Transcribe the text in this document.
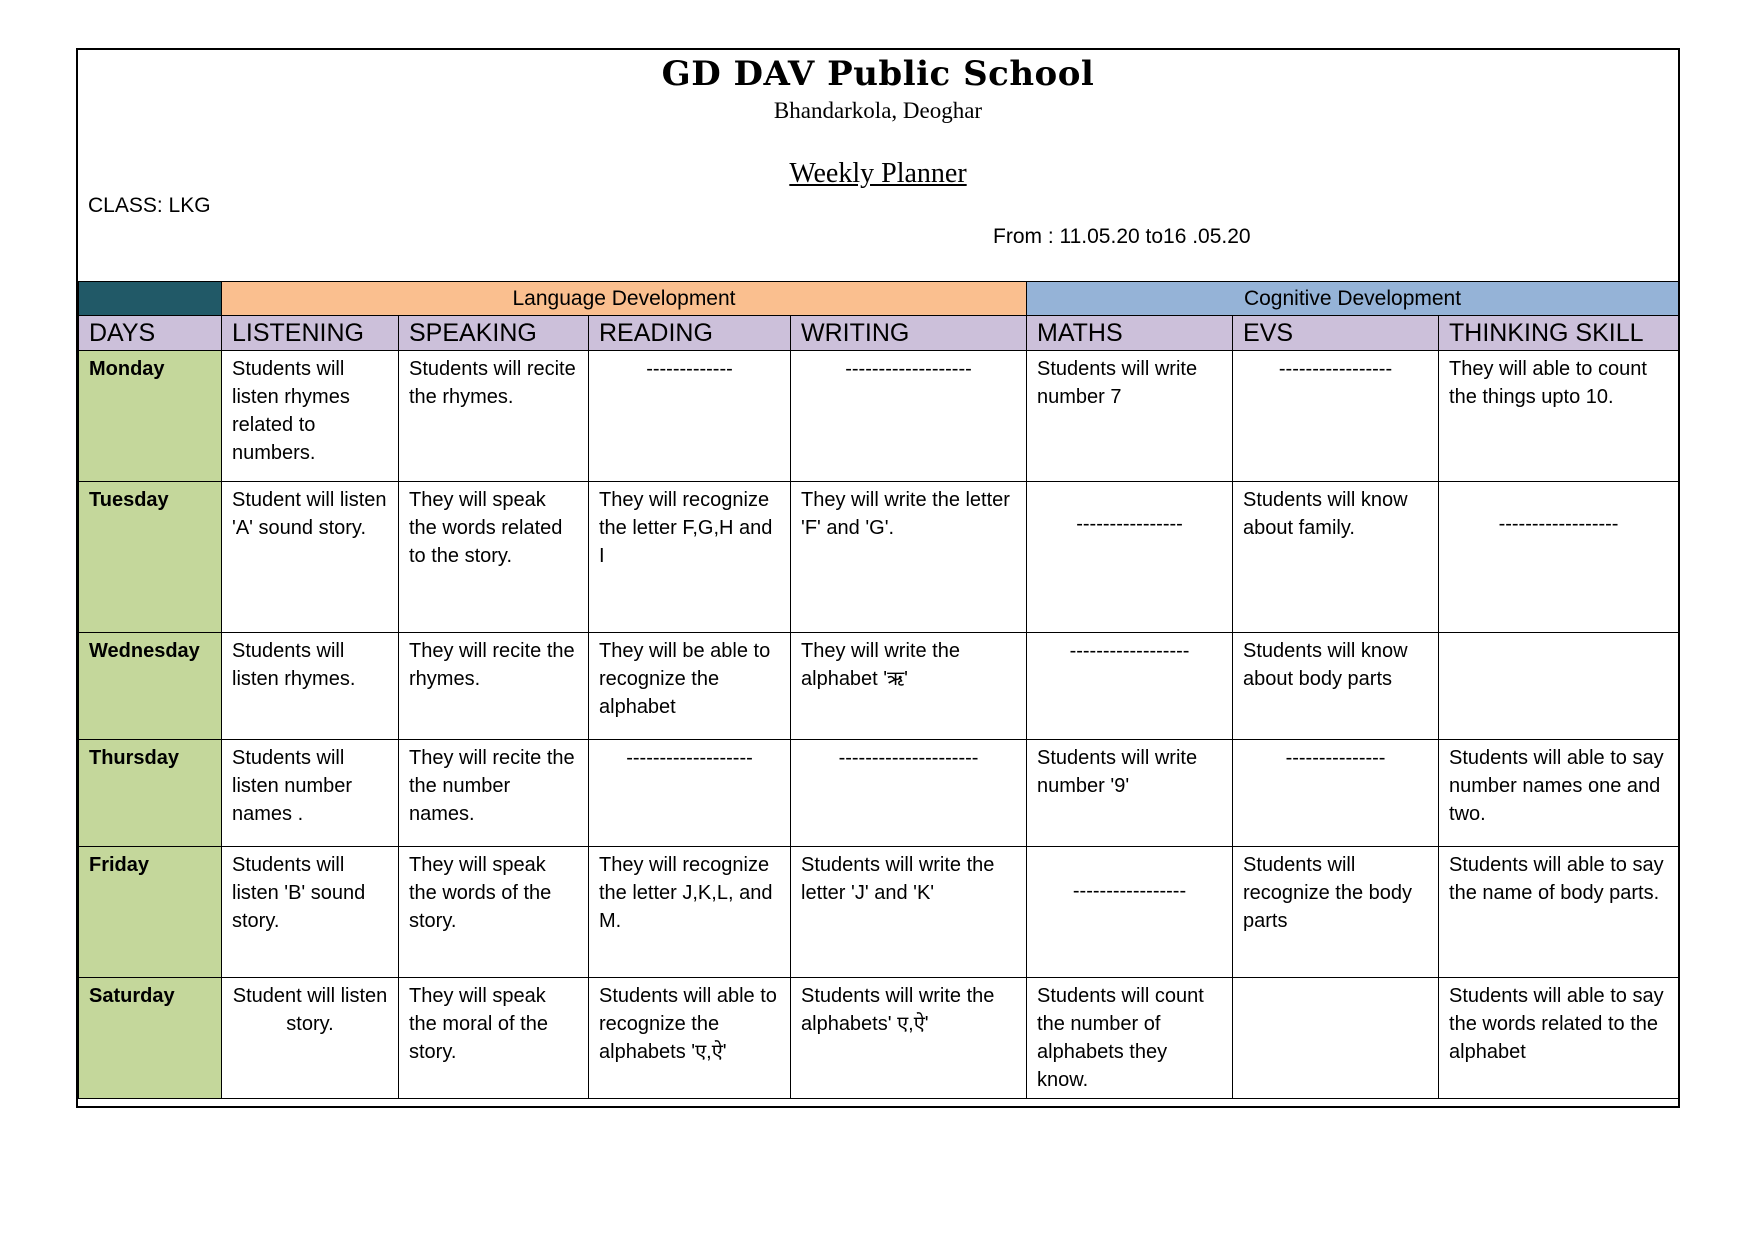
GD DAV Public School
Bhandarkola, Deoghar
Weekly Planner
CLASS: LKG
From : 11.05.20 to16 .05.20
	Language Development				Cognitive Development		
DAYS	LISTENING	SPEAKING	READING	WRITING	MATHS	EVS	THINKING SKILL
Monday	Students will listen rhymes related to numbers.	Students will recite the rhymes.	-------------	-------------------	Students will write number 7	-----------------	They will able to count the things upto 10.
Tuesday	Student will listen 'A' sound story.	They will speak the words related to the story.	They will recognize the letter F,G,H and I	They will write the letter 'F' and 'G'.	----------------	Students will know about family.	------------------
Wednesday	Students will listen rhymes.	They will recite the rhymes.	They will be able to recognize the alphabet	They will write the alphabet 'ऋ'	------------------	Students will know about body parts	
Thursday	Students will listen number names .	They will recite the the number names.	-------------------	---------------------	Students will write number '9'	---------------	Students will able to say number names one and two.
Friday	Students will listen 'B' sound story.	They will speak the words of the story.	They will recognize the letter J,K,L, and M.	Students will write the letter 'J' and 'K'	-----------------	Students will recognize the body parts	Students will able to say the name of body parts.
Saturday	Student will listen story.	They will speak the moral of the story.	Students will able to recognize the alphabets 'ए,ऐ'	Students will write the alphabets' ए,ऐ'	Students will count the number of alphabets they know.		Students will able to say the words related to the alphabet
